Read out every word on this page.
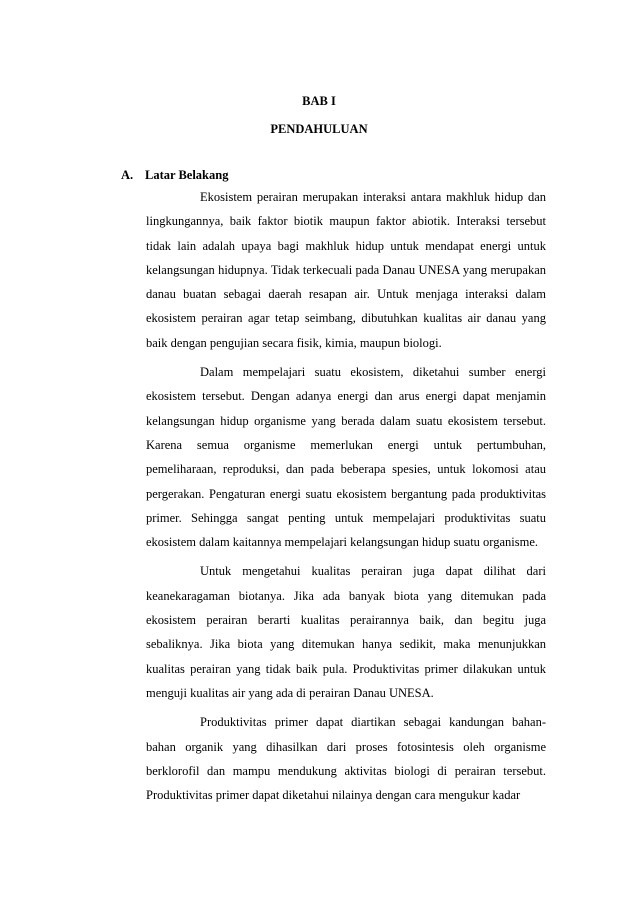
BAB I
PENDAHULUAN
A. Latar Belakang

Ekosistem perairan merupakan interaksi antara makhluk hidup dan lingkungannya, baik faktor biotik maupun faktor abiotik. Interaksi tersebut tidak lain adalah upaya bagi makhluk hidup untuk mendapat energi untuk kelangsungan hidupnya. Tidak terkecuali pada Danau UNESA yang merupakan danau buatan sebagai daerah resapan air. Untuk menjaga interaksi dalam ekosistem perairan agar tetap seimbang, dibutuhkan kualitas air danau yang baik dengan pengujian secara fisik, kimia, maupun biologi.

Dalam mempelajari suatu ekosistem, diketahui sumber energi ekosistem tersebut. Dengan adanya energi dan arus energi dapat menjamin kelangsungan hidup organisme yang berada dalam suatu ekosistem tersebut. Karena semua organisme memerlukan energi untuk pertumbuhan, pemeliharaan, reproduksi, dan pada beberapa spesies, untuk lokomosi atau pergerakan. Pengaturan energi suatu ekosistem bergantung pada produktivitas primer. Sehingga sangat penting untuk mempelajari produktivitas suatu ekosistem dalam kaitannya mempelajari kelangsungan hidup suatu organisme.

Untuk mengetahui kualitas perairan juga dapat dilihat dari keanekaragaman biotanya. Jika ada banyak biota yang ditemukan pada ekosistem perairan berarti kualitas perairannya baik, dan begitu juga sebaliknya. Jika biota yang ditemukan hanya sedikit, maka menunjukkan kualitas perairan yang tidak baik pula. Produktivitas primer dilakukan untuk menguji kualitas air yang ada di perairan Danau UNESA.

Produktivitas primer dapat diartikan sebagai kandungan bahan-bahan organik yang dihasilkan dari proses fotosintesis oleh organisme berklorofil dan mampu mendukung aktivitas biologi di perairan tersebut. Produktivitas primer dapat diketahui nilainya dengan cara mengukur kadar
